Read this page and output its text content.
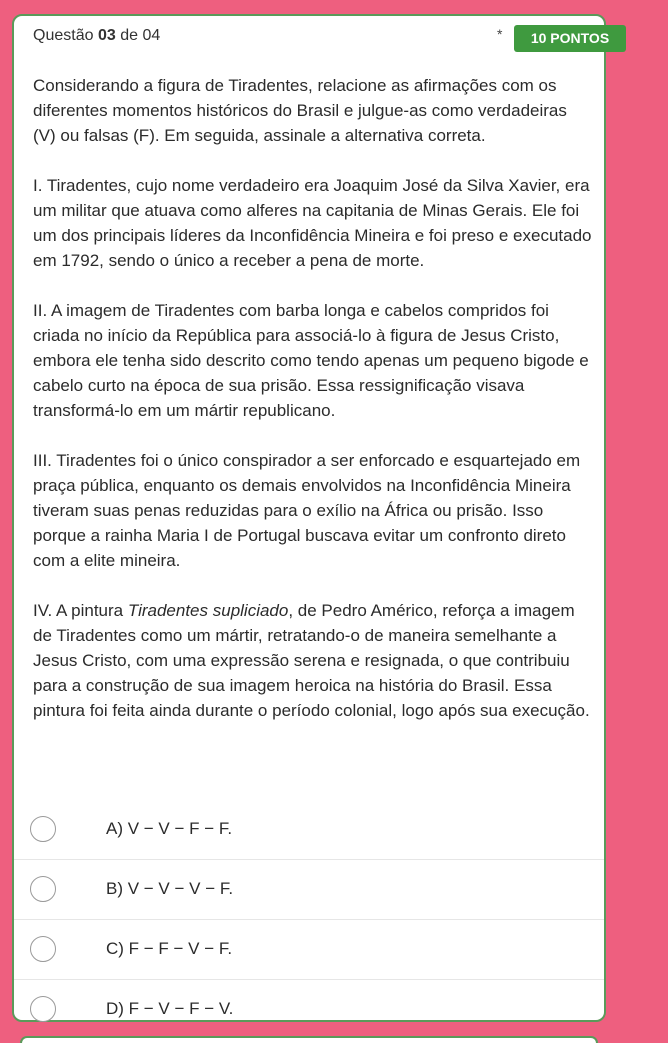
Questão 03 de 04	*	10 PONTOS

Considerando a figura de Tiradentes, relacione as afirmações com os diferentes momentos históricos do Brasil e julgue-as como verdadeiras (V) ou falsas (F). Em seguida, assinale a alternativa correta.

I. Tiradentes, cujo nome verdadeiro era Joaquim José da Silva Xavier, era um militar que atuava como alferes na capitania de Minas Gerais. Ele foi um dos principais líderes da Inconfidência Mineira e foi preso e executado em 1792, sendo o único a receber a pena de morte.

II. A imagem de Tiradentes com barba longa e cabelos compridos foi criada no início da República para associá-lo à figura de Jesus Cristo, embora ele tenha sido descrito como tendo apenas um pequeno bigode e cabelo curto na época de sua prisão. Essa ressignificação visava transformá-lo em um mártir republicano.

III. Tiradentes foi o único conspirador a ser enforcado e esquartejado em praça pública, enquanto os demais envolvidos na Inconfidência Mineira tiveram suas penas reduzidas para o exílio na África ou prisão. Isso porque a rainha Maria I de Portugal buscava evitar um confronto direto com a elite mineira.

IV. A pintura Tiradentes supliciado, de Pedro Américo, reforça a imagem de Tiradentes como um mártir, retratando-o de maneira semelhante a Jesus Cristo, com uma expressão serena e resignada, o que contribuiu para a construção de sua imagem heroica na história do Brasil. Essa pintura foi feita ainda durante o período colonial, logo após sua execução.

A) V − V − F − F.
B) V − V − V − F.
C) F − F − V − F.
D) F − V − F − V.
